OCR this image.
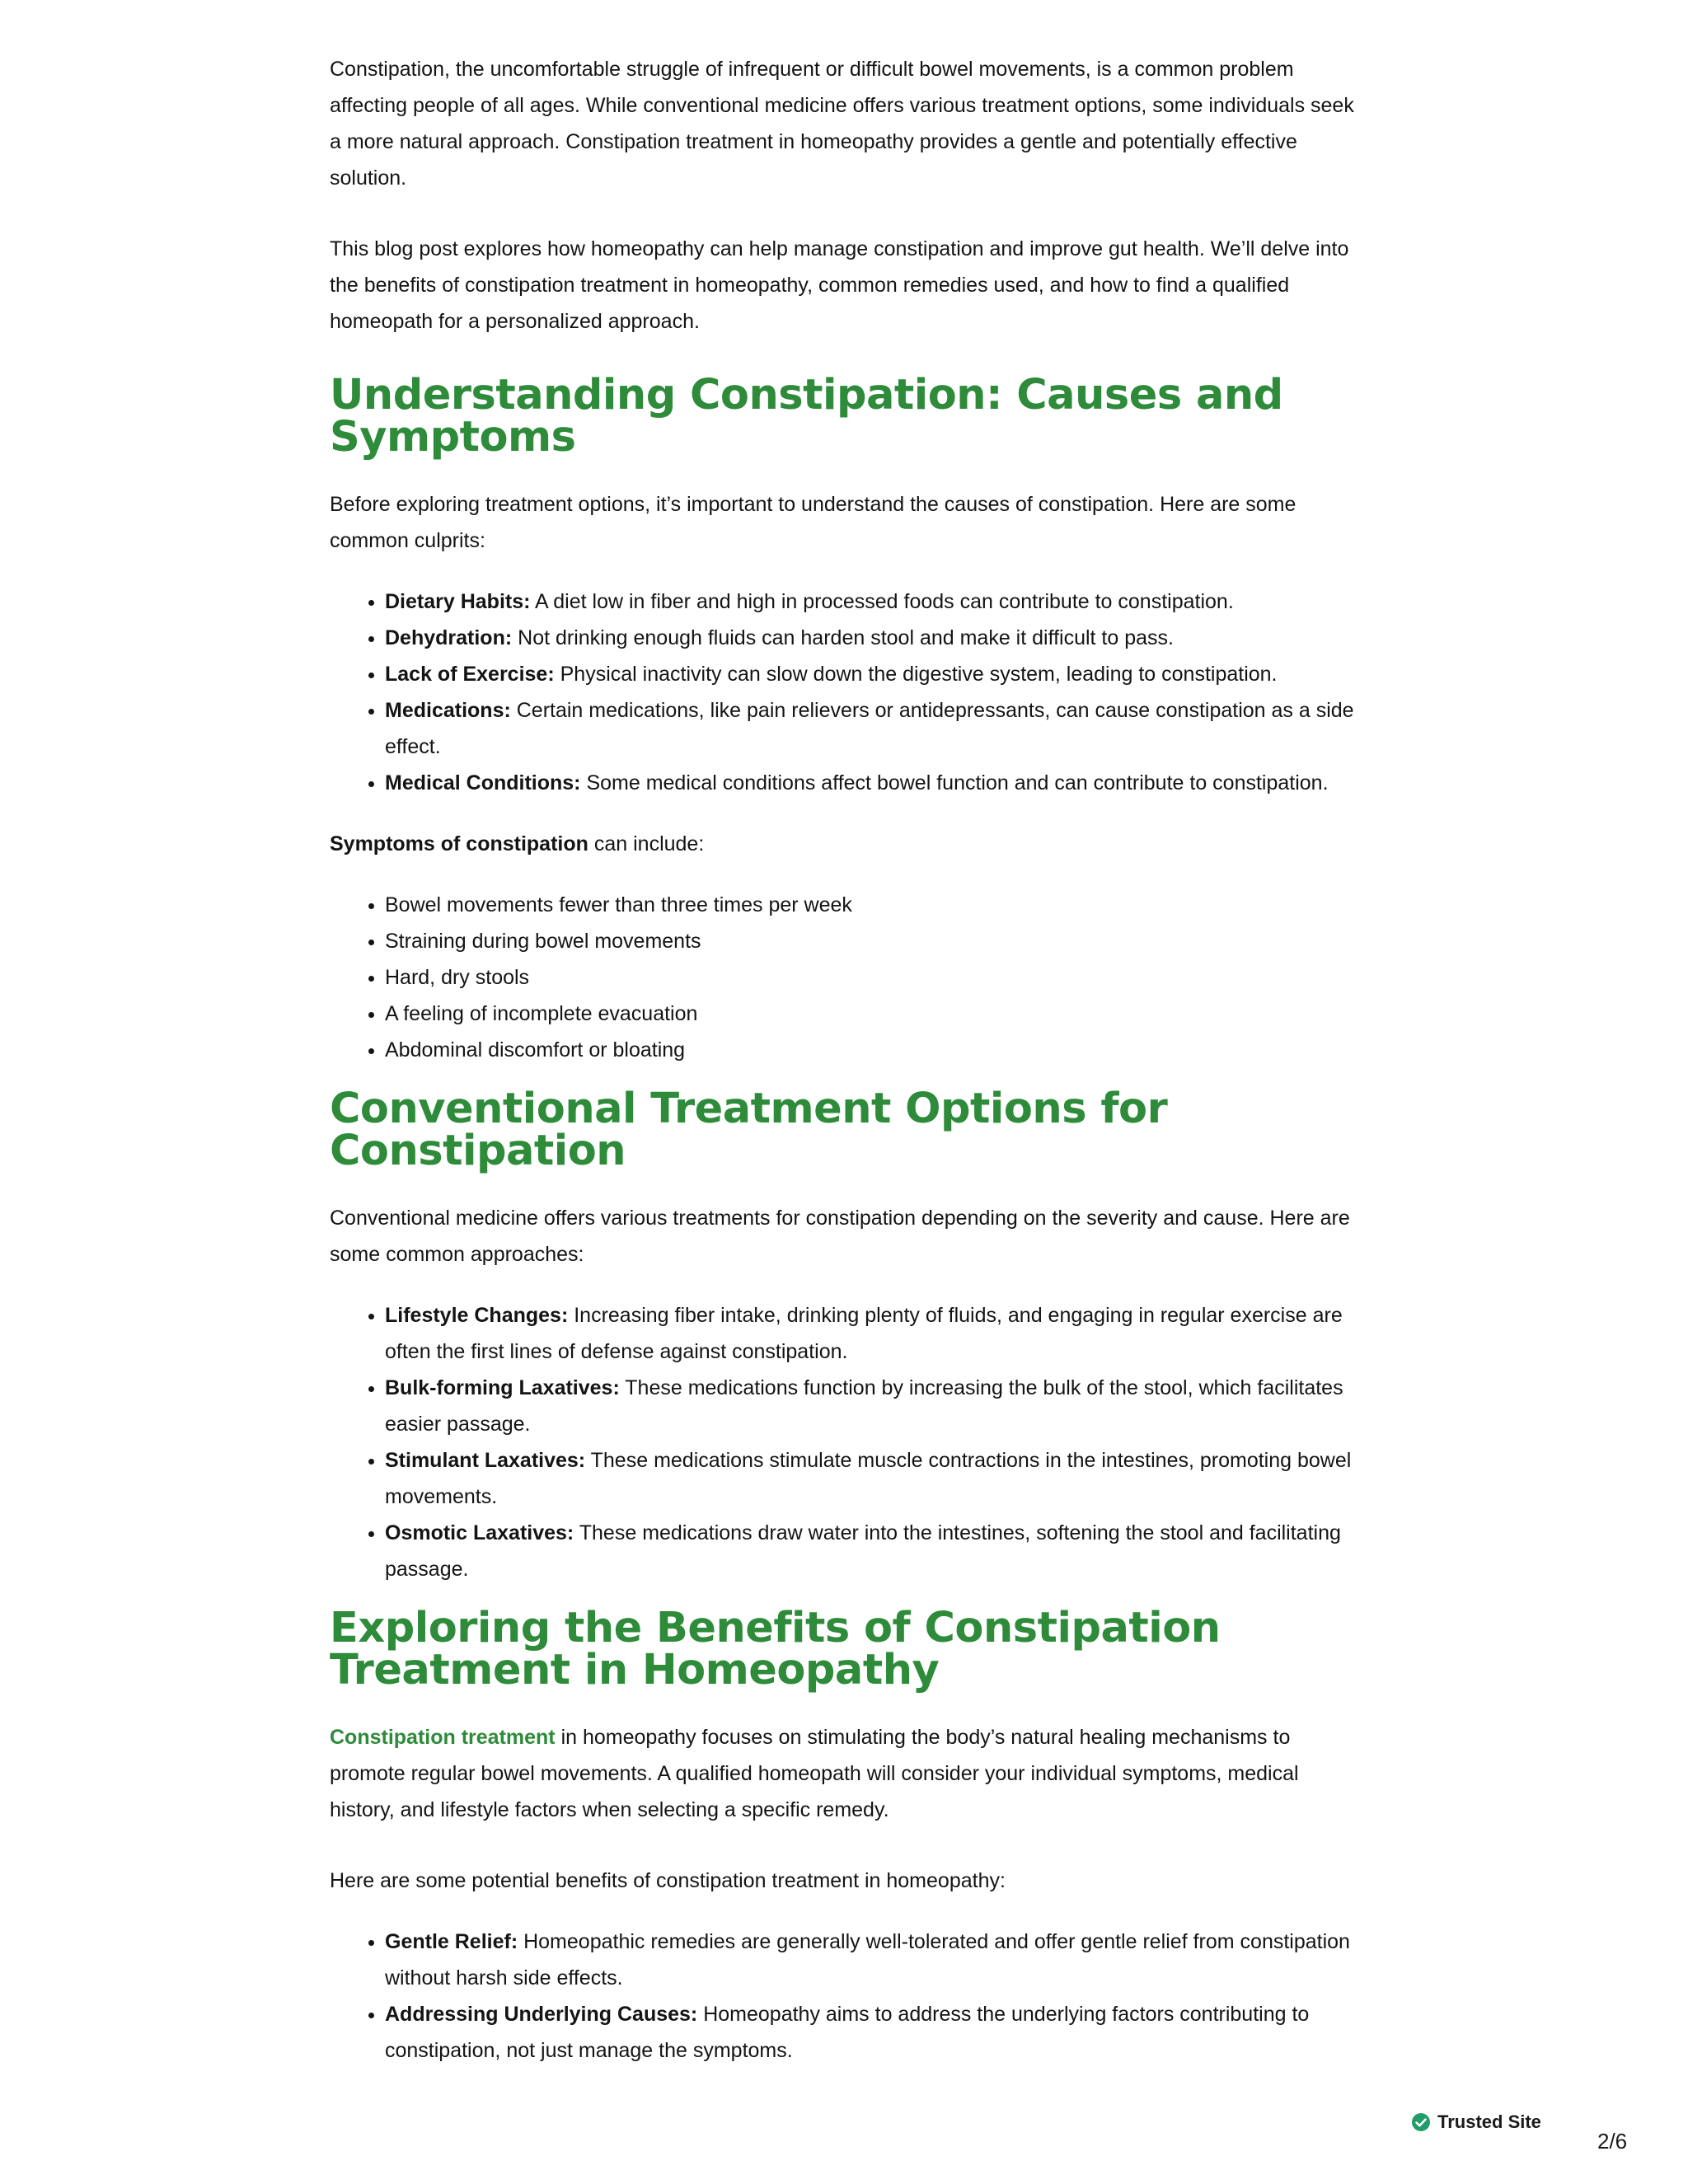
Constipation, the uncomfortable struggle of infrequent or difficult bowel movements, is a common problem affecting people of all ages. While conventional medicine offers various treatment options, some individuals seek a more natural approach. Constipation treatment in homeopathy provides a gentle and potentially effective solution.

This blog post explores how homeopathy can help manage constipation and improve gut health. We’ll delve into the benefits of constipation treatment in homeopathy, common remedies used, and how to find a qualified homeopath for a personalized approach.

Understanding Constipation: Causes and
Symptoms

Before exploring treatment options, it’s important to understand the causes of constipation. Here are some common culprits:

• Dietary Habits: A diet low in fiber and high in processed foods can contribute to constipation.
• Dehydration: Not drinking enough fluids can harden stool and make it difficult to pass.
• Lack of Exercise: Physical inactivity can slow down the digestive system, leading to constipation.
• Medications: Certain medications, like pain relievers or antidepressants, can cause constipation as a side effect.
• Medical Conditions: Some medical conditions affect bowel function and can contribute to constipation.

Symptoms of constipation can include:

• Bowel movements fewer than three times per week
• Straining during bowel movements
• Hard, dry stools
• A feeling of incomplete evacuation
• Abdominal discomfort or bloating
Conventional Treatment Options for
Constipation

Conventional medicine offers various treatments for constipation depending on the severity and cause. Here are some common approaches:

• Lifestyle Changes: Increasing fiber intake, drinking plenty of fluids, and engaging in regular exercise are often the first lines of defense against constipation.
• Bulk-forming Laxatives: These medications function by increasing the bulk of the stool, which facilitates easier passage.
• Stimulant Laxatives: These medications stimulate muscle contractions in the intestines, promoting bowel movements.
• Osmotic Laxatives: These medications draw water into the intestines, softening the stool and facilitating passage.
Exploring the Benefits of Constipation
Treatment in Homeopathy

Constipation treatment in homeopathy focuses on stimulating the body’s natural healing mechanisms to promote regular bowel movements. A qualified homeopath will consider your individual symptoms, medical history, and lifestyle factors when selecting a specific remedy.

Here are some potential benefits of constipation treatment in homeopathy:

• Gentle Relief: Homeopathic remedies are generally well-tolerated and offer gentle relief from constipation without harsh side effects.
• Addressing Underlying Causes: Homeopathy aims to address the underlying factors contributing to constipation, not just manage the symptoms.
Trusted Site
2/6
